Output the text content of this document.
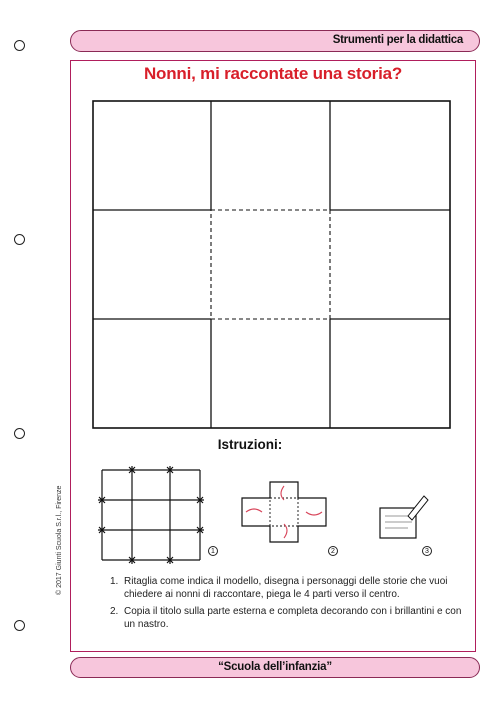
Strumenti per la didattica
Nonni, mi raccontate una storia?
Istruzioni:
1	2	3
1. Ritaglia come indica il modello, disegna i personaggi delle storie che vuoi chiedere ai nonni di raccontare, piega le 4 parti verso il centro.
2. Copia il titolo sulla parte esterna e completa decorando con i brillantini e con un nastro.
© 2017 Giunti Scuola S.r.l., Firenze
“Scuola dell’infanzia”
